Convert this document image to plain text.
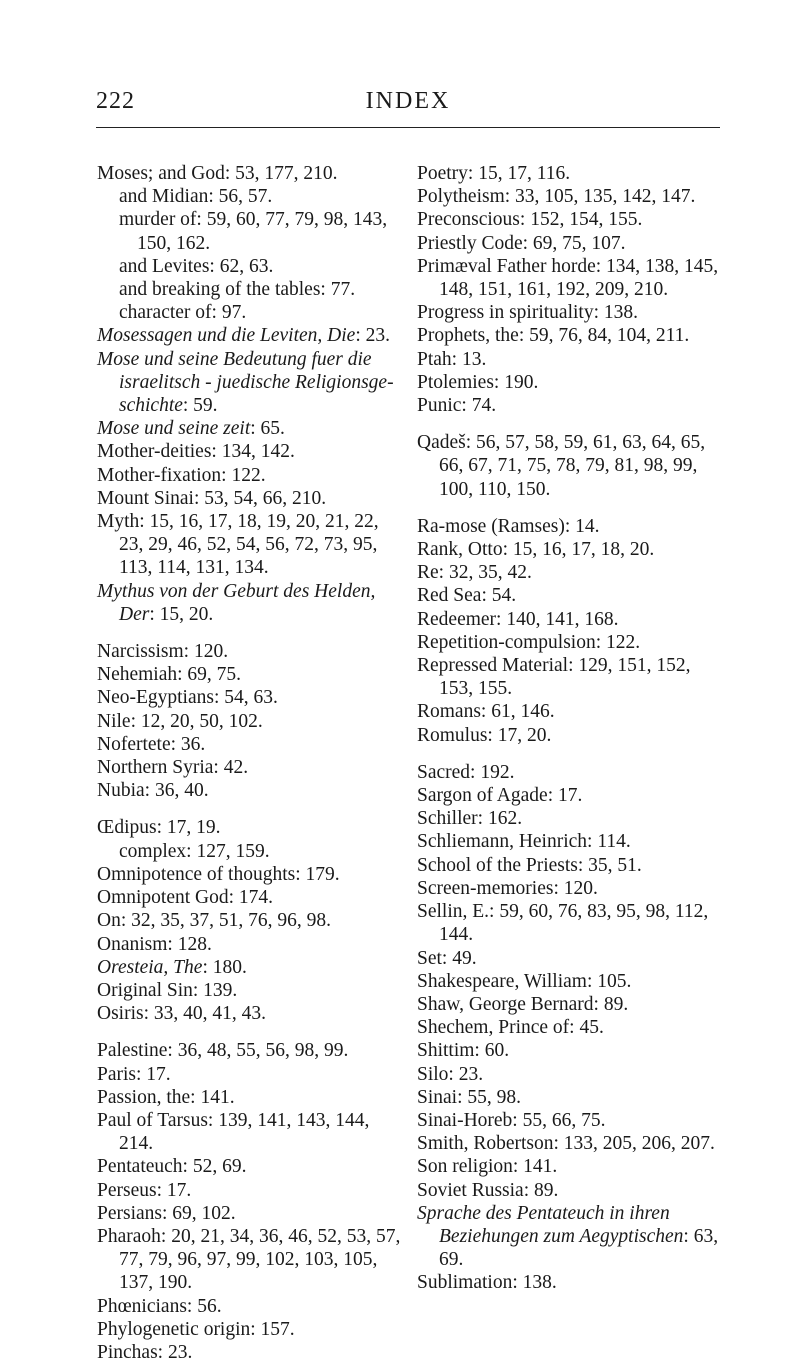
222	INDEX
Moses; and God: 53, 177, 210.
and Midian: 56, 57.
murder of: 59, 60, 77, 79, 98, 143, 150, 162.
and Levites: 62, 63.
and breaking of the tables: 77.
character of: 97.
Mosessagen und die Leviten, Die: 23.
Mose und seine Bedeutung fuer die israelitsch - juedische Religionsge-schichte: 59.
Mose und seine zeit: 65.
Mother-deities: 134, 142.
Mother-fixation: 122.
Mount Sinai: 53, 54, 66, 210.
Myth: 15, 16, 17, 18, 19, 20, 21, 22, 23, 29, 46, 52, 54, 56, 72, 73, 95, 113, 114, 131, 134.
Mythus von der Geburt des Helden, Der: 15, 20.
Narcissism: 120.
Nehemiah: 69, 75.
Neo-Egyptians: 54, 63.
Nile: 12, 20, 50, 102.
Nofertete: 36.
Northern Syria: 42.
Nubia: 36, 40.
Œdipus: 17, 19.
complex: 127, 159.
Omnipotence of thoughts: 179.
Omnipotent God: 174.
On: 32, 35, 37, 51, 76, 96, 98.
Onanism: 128.
Oresteia, The: 180.
Original Sin: 139.
Osiris: 33, 40, 41, 43.
Palestine: 36, 48, 55, 56, 98, 99.
Paris: 17.
Passion, the: 141.
Paul of Tarsus: 139, 141, 143, 144, 214.
Pentateuch: 52, 69.
Perseus: 17.
Persians: 69, 102.
Pharaoh: 20, 21, 34, 36, 46, 52, 53, 57, 77, 79, 96, 97, 99, 102, 103, 105, 137, 190.
Phœnicians: 56.
Phylogenetic origin: 157.
Pinchas: 23.
Poetry: 15, 17, 116.
Polytheism: 33, 105, 135, 142, 147.
Preconscious: 152, 154, 155.
Priestly Code: 69, 75, 107.
Primæval Father horde: 134, 138, 145, 148, 151, 161, 192, 209, 210.
Progress in spirituality: 138.
Prophets, the: 59, 76, 84, 104, 211.
Ptah: 13.
Ptolemies: 190.
Punic: 74.
Qadeš: 56, 57, 58, 59, 61, 63, 64, 65, 66, 67, 71, 75, 78, 79, 81, 98, 99, 100, 110, 150.
Ra-mose (Ramses): 14.
Rank, Otto: 15, 16, 17, 18, 20.
Re: 32, 35, 42.
Red Sea: 54.
Redeemer: 140, 141, 168.
Repetition-compulsion: 122.
Repressed Material: 129, 151, 152, 153, 155.
Romans: 61, 146.
Romulus: 17, 20.
Sacred: 192.
Sargon of Agade: 17.
Schiller: 162.
Schliemann, Heinrich: 114.
School of the Priests: 35, 51.
Screen-memories: 120.
Sellin, E.: 59, 60, 76, 83, 95, 98, 112, 144.
Set: 49.
Shakespeare, William: 105.
Shaw, George Bernard: 89.
Shechem, Prince of: 45.
Shittim: 60.
Silo: 23.
Sinai: 55, 98.
Sinai-Horeb: 55, 66, 75.
Smith, Robertson: 133, 205, 206, 207.
Son religion: 141.
Soviet Russia: 89.
Sprache des Pentateuch in ihren Beziehungen zum Aegyptischen: 63, 69.
Sublimation: 138.
